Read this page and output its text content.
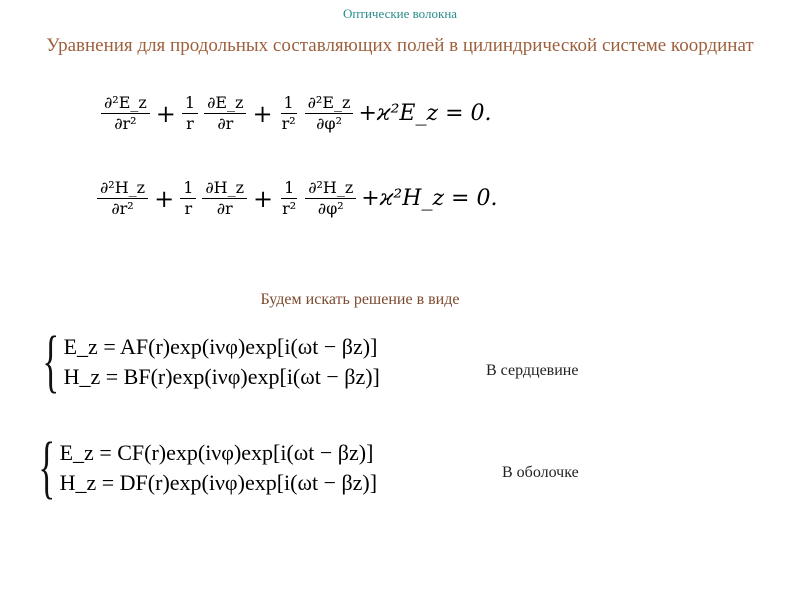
Оптические волокна
Уравнения для продольных составляющих полей в цилиндрической системе координат
$\frac{\text{∂²E\_z}}{\text{∂r²}} + \frac{1}{r} \frac{\partial E\_z}{\partial r} + \frac{1}{\text{r²}} \frac{\text{∂²E\_z}}{\text{∂φ²}}$ +ϰ²E_z = 0.
$\frac{\text{∂²H\_z}}{\text{∂r²}} + \frac{1}{r} \frac{\partial H\_z}{\partial r} + \frac{1}{\text{r²}} \frac{\text{∂²H\_z}}{\text{∂φ²}}$ +ϰ²H_z = 0.
Будем искать решение в виде
{ E_z = AF(r)exp(iνφ)exp[i(ωt − βz)]
H_z = BF(r)exp(iνφ)exp[i(ωt − βz)]	В сердцевине
{ E_z = CF(r)exp(iνφ)exp[i(ωt − βz)]
H_z = DF(r)exp(iνφ)exp[i(ωt − βz)]	В оболочке
